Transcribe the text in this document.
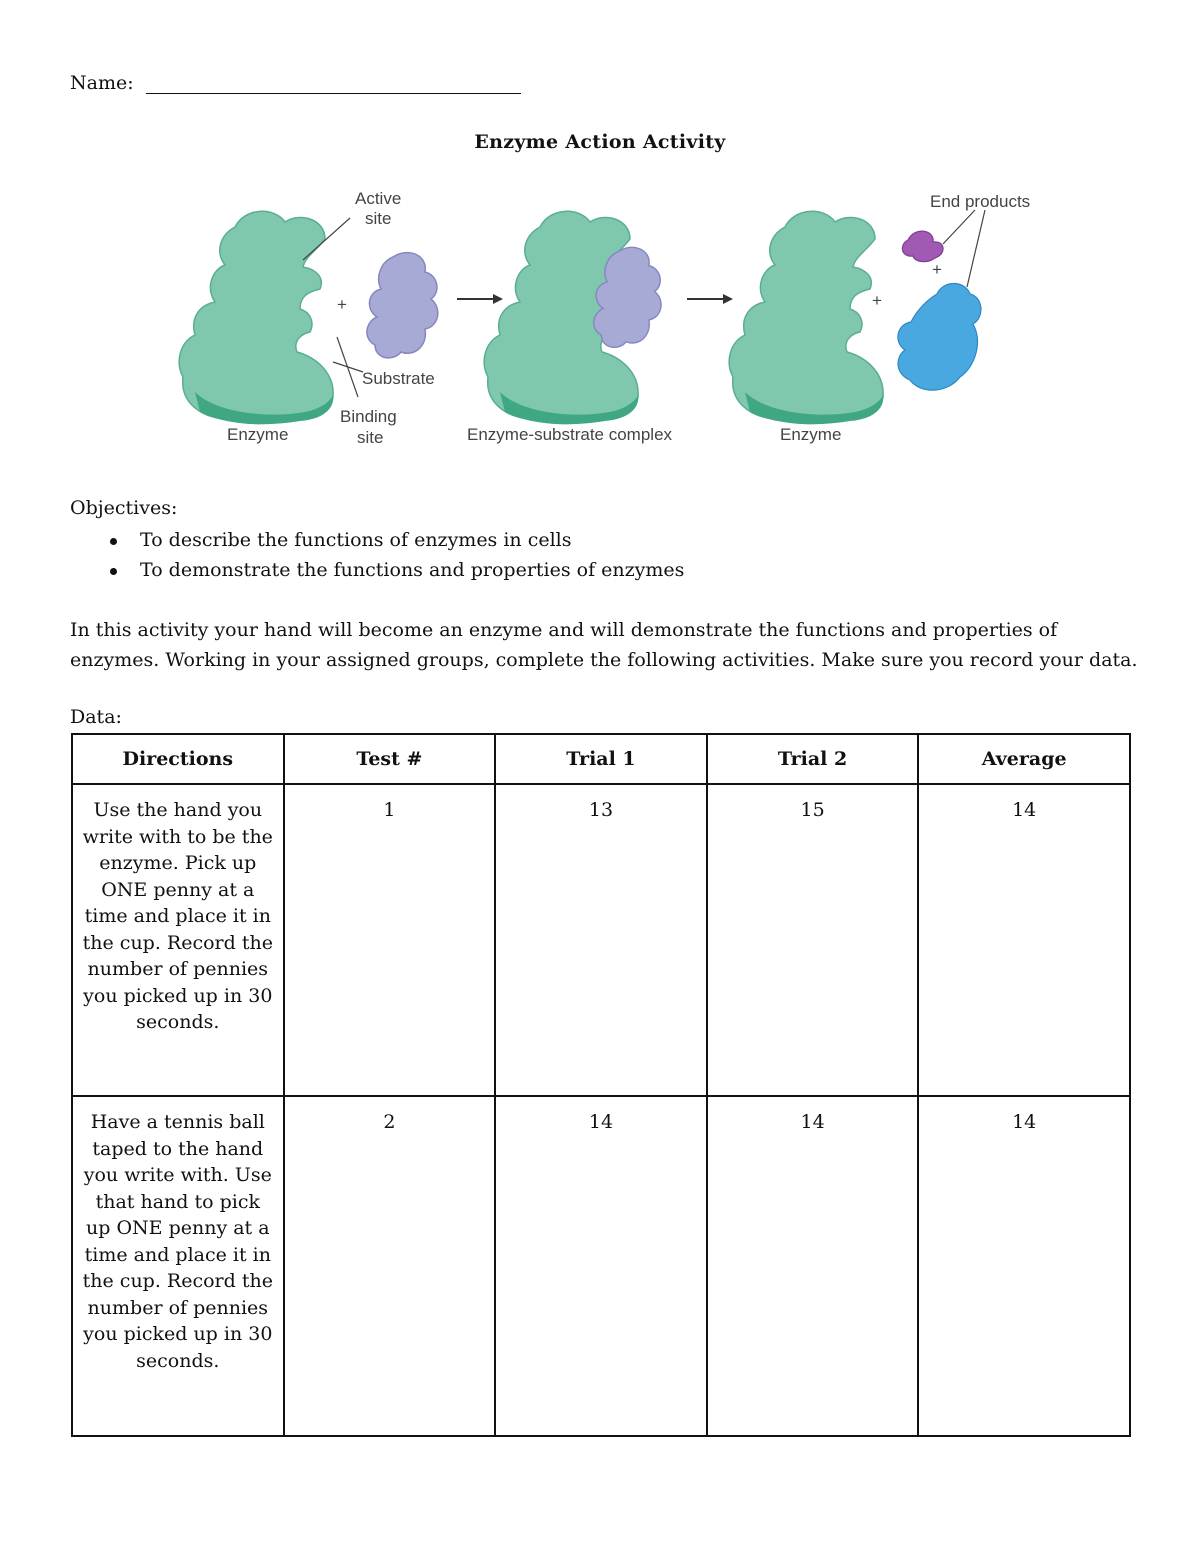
Name:
Enzyme Action Activity
+
Active
site
Substrate
Binding
site
Enzyme	Enzyme-substrate complex
+
Enzyme
+
End products
Objectives:
To describe the functions of enzymes in cells
To demonstrate the functions and properties of enzymes
In this activity your hand will become an enzyme and will demonstrate the functions and properties of enzymes. Working in your assigned groups, complete the following activities. Make sure you record your data.
Data:
Directions	Test #	Trial 1	Trial 2	Average
Use the hand you write with to be the enzyme. Pick up ONE penny at a time and place it in the cup. Record the number of pennies you picked up in 30 seconds.	1	13	15	14
Have a tennis ball taped to the hand you write with. Use that hand to pick up ONE penny at a time and place it in the cup. Record the number of pennies you picked up in 30 seconds.	2	14	14	14
